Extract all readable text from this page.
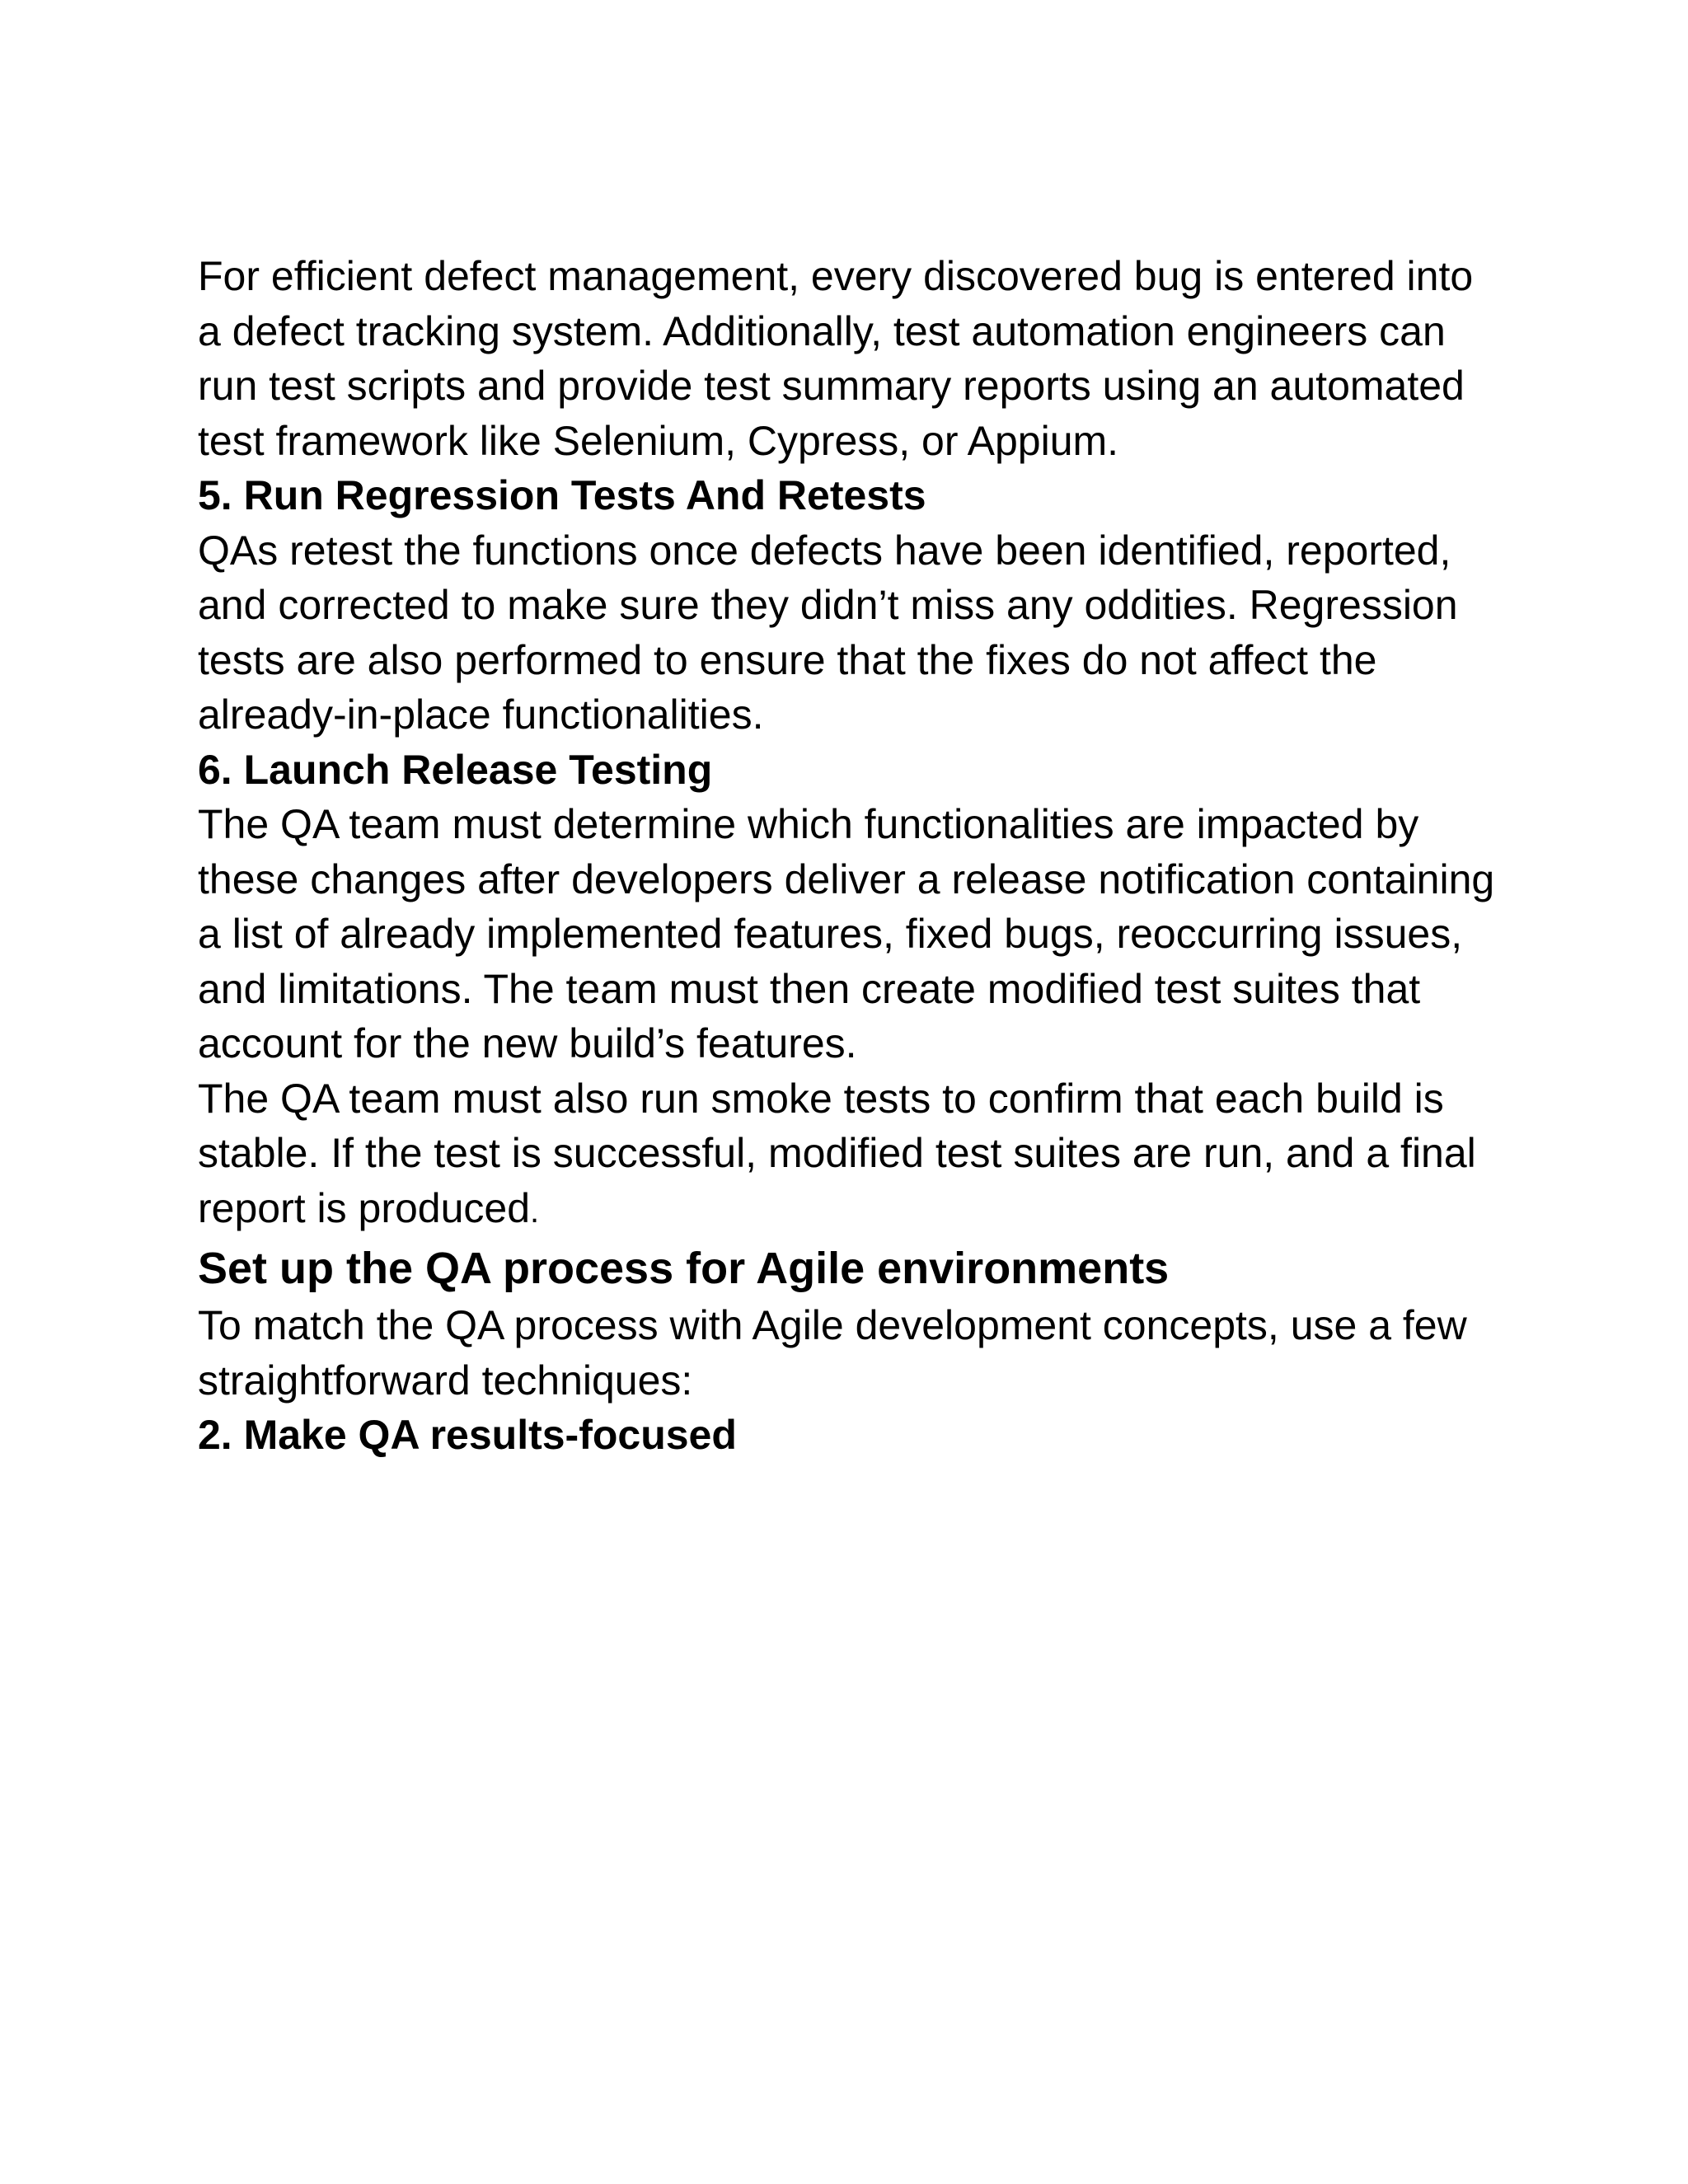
For efficient defect management, every discovered bug is entered into a defect tracking system. Additionally, test automation engineers can run test scripts and provide test summary reports using an automated test framework like Selenium, Cypress, or Appium.

5. Run Regression Tests And Retests

QAs retest the functions once defects have been identified, reported, and corrected to make sure they didn’t miss any oddities. Regression tests are also performed to ensure that the fixes do not affect the already-in-place functionalities.

6. Launch Release Testing

The QA team must determine which functionalities are impacted by these changes after developers deliver a release notification containing a list of already implemented features, fixed bugs, reoccurring issues, and limitations. The team must then create modified test suites that account for the new build’s features.

The QA team must also run smoke tests to confirm that each build is stable. If the test is successful, modified test suites are run, and a final report is produced.

Set up the QA process for Agile environments

To match the QA process with Agile development concepts, use a few straightforward techniques:

2. Make QA results-focused
